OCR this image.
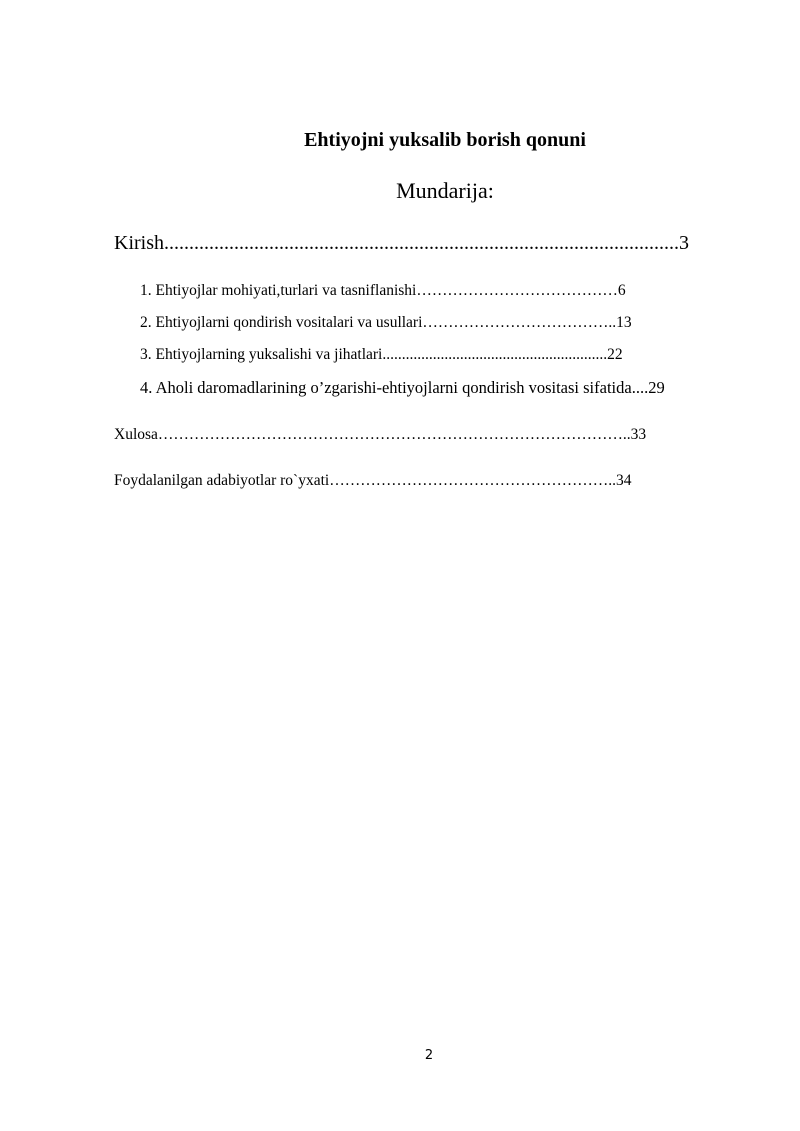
Ehtiyojni yuksalib borish qonuni
Mundarija:
Kirish.......................................................................................................3
1. Ehtiyojlar mohiyati,turlari va tasniflanishi…………………………………6
2. Ehtiyojlarni qondirish vositalari va usullari………………………………..13
3. Ehtiyojlarning yuksalishi va jihatlari..........................................................22
4. Aholi daromadlarining o’zgarishi-ehtiyojlarni qondirish vositasi sifatida....29
Xulosa………………………………………………………………………………..33
Foydalanilgan adabiyotlar ro`yxati………………………………………………..34
2
